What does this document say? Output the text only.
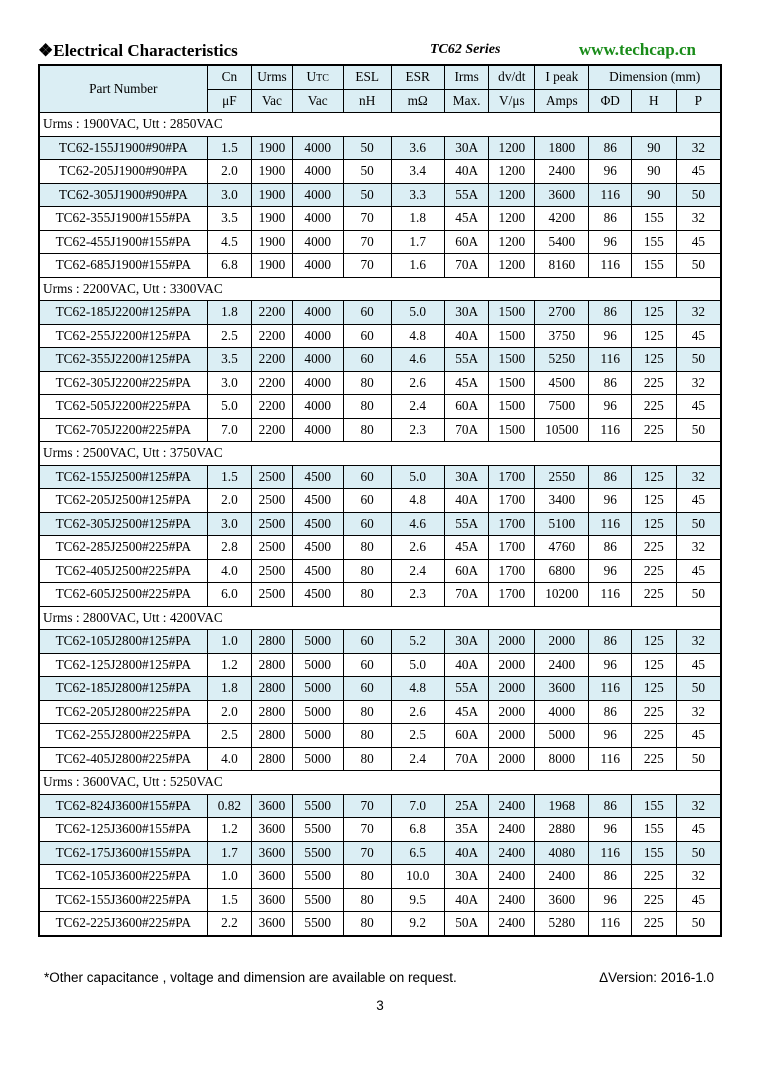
❖Electrical Characteristics	TC62 Series	www.techcap.cn
Part Number	Cn	Urms	UTC	ESL	ESR	Irms	dv/dt	I peak	Dimension (mm)		
	μF	Vac	Vac	nH	mΩ	Max.	V/μs	Amps	ΦD	H	P
Urms : 1900VAC, Utt : 2850VAC											
TC62-155J1900#90#PA	1.5	1900	4000	50	3.6	30A	1200	1800	86	90	32
TC62-205J1900#90#PA	2.0	1900	4000	50	3.4	40A	1200	2400	96	90	45
TC62-305J1900#90#PA	3.0	1900	4000	50	3.3	55A	1200	3600	116	90	50
TC62-355J1900#155#PA	3.5	1900	4000	70	1.8	45A	1200	4200	86	155	32
TC62-455J1900#155#PA	4.5	1900	4000	70	1.7	60A	1200	5400	96	155	45
TC62-685J1900#155#PA	6.8	1900	4000	70	1.6	70A	1200	8160	116	155	50
Urms : 2200VAC, Utt : 3300VAC											
TC62-185J2200#125#PA	1.8	2200	4000	60	5.0	30A	1500	2700	86	125	32
TC62-255J2200#125#PA	2.5	2200	4000	60	4.8	40A	1500	3750	96	125	45
TC62-355J2200#125#PA	3.5	2200	4000	60	4.6	55A	1500	5250	116	125	50
TC62-305J2200#225#PA	3.0	2200	4000	80	2.6	45A	1500	4500	86	225	32
TC62-505J2200#225#PA	5.0	2200	4000	80	2.4	60A	1500	7500	96	225	45
TC62-705J2200#225#PA	7.0	2200	4000	80	2.3	70A	1500	10500	116	225	50
Urms : 2500VAC, Utt : 3750VAC											
TC62-155J2500#125#PA	1.5	2500	4500	60	5.0	30A	1700	2550	86	125	32
TC62-205J2500#125#PA	2.0	2500	4500	60	4.8	40A	1700	3400	96	125	45
TC62-305J2500#125#PA	3.0	2500	4500	60	4.6	55A	1700	5100	116	125	50
TC62-285J2500#225#PA	2.8	2500	4500	80	2.6	45A	1700	4760	86	225	32
TC62-405J2500#225#PA	4.0	2500	4500	80	2.4	60A	1700	6800	96	225	45
TC62-605J2500#225#PA	6.0	2500	4500	80	2.3	70A	1700	10200	116	225	50
Urms : 2800VAC, Utt : 4200VAC											
TC62-105J2800#125#PA	1.0	2800	5000	60	5.2	30A	2000	2000	86	125	32
TC62-125J2800#125#PA	1.2	2800	5000	60	5.0	40A	2000	2400	96	125	45
TC62-185J2800#125#PA	1.8	2800	5000	60	4.8	55A	2000	3600	116	125	50
TC62-205J2800#225#PA	2.0	2800	5000	80	2.6	45A	2000	4000	86	225	32
TC62-255J2800#225#PA	2.5	2800	5000	80	2.5	60A	2000	5000	96	225	45
TC62-405J2800#225#PA	4.0	2800	5000	80	2.4	70A	2000	8000	116	225	50
Urms : 3600VAC, Utt : 5250VAC											
TC62-824J3600#155#PA	0.82	3600	5500	70	7.0	25A	2400	1968	86	155	32
TC62-125J3600#155#PA	1.2	3600	5500	70	6.8	35A	2400	2880	96	155	45
TC62-175J3600#155#PA	1.7	3600	5500	70	6.5	40A	2400	4080	116	155	50
TC62-105J3600#225#PA	1.0	3600	5500	80	10.0	30A	2400	2400	86	225	32
TC62-155J3600#225#PA	1.5	3600	5500	80	9.5	40A	2400	3600	96	225	45
TC62-225J3600#225#PA	2.2	3600	5500	80	9.2	50A	2400	5280	116	225	50
*Other capacitance , voltage and dimension are available on request.	ΔVersion: 2016-1.0
3
